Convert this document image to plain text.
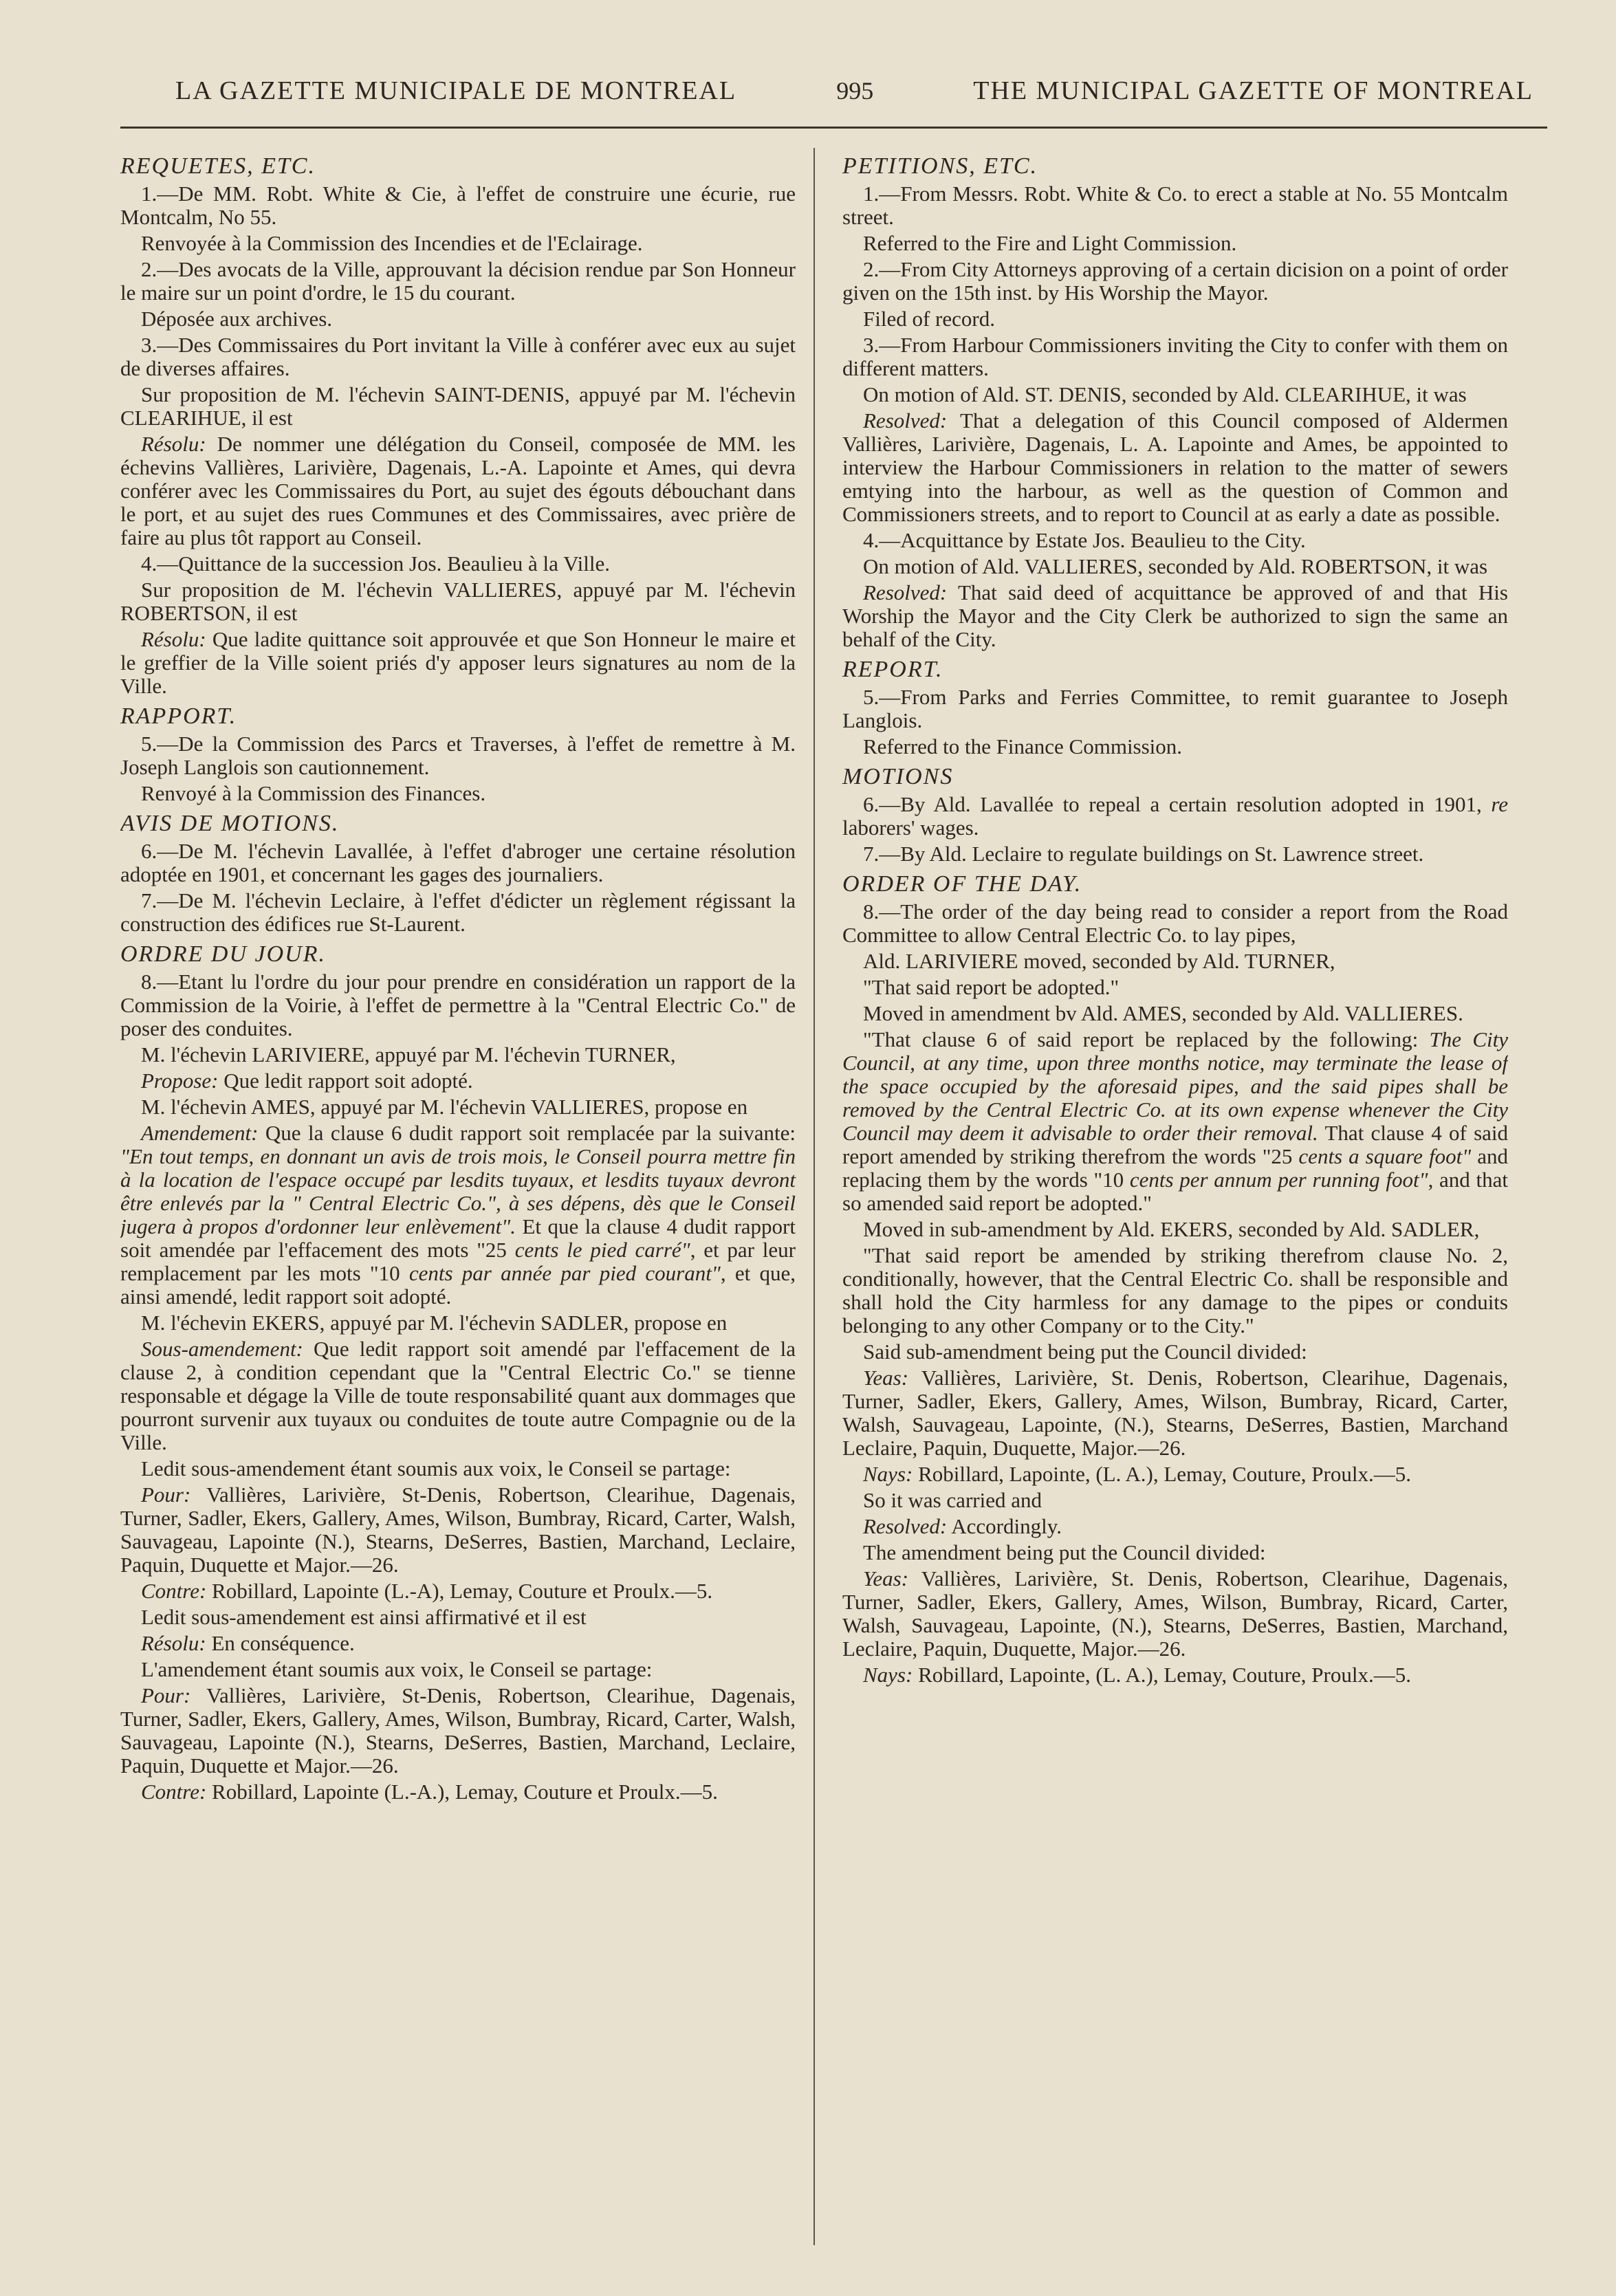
LA GAZETTE MUNICIPALE DE MONTREAL	995	THE MUNICIPAL GAZETTE OF MONTREAL
REQUETES, ETC.

1.—De MM. Robt. White & Cie, à l'effet de construire une écurie, rue Montcalm, No 55.

Renvoyée à la Commission des Incendies et de l'Eclairage.

2.—Des avocats de la Ville, approuvant la décision rendue par Son Honneur le maire sur un point d'ordre, le 15 du courant.

Déposée aux archives.

3.—Des Commissaires du Port invitant la Ville à conférer avec eux au sujet de diverses affaires.

Sur proposition de M. l'échevin SAINT-DENIS, appuyé par M. l'échevin CLEARIHUE, il est

Résolu: De nommer une délégation du Conseil, composée de MM. les échevins Vallières, Larivière, Dagenais, L.-A. Lapointe et Ames, qui devra conférer avec les Commissaires du Port, au sujet des égouts débouchant dans le port, et au sujet des rues Communes et des Commissaires, avec prière de faire au plus tôt rapport au Conseil.

4.—Quittance de la succession Jos. Beaulieu à la Ville.

Sur proposition de M. l'échevin VALLIERES, appuyé par M. l'échevin ROBERTSON, il est

Résolu: Que ladite quittance soit approuvée et que Son Honneur le maire et le greffier de la Ville soient priés d'y apposer leurs signatures au nom de la Ville.

RAPPORT.

5.—De la Commission des Parcs et Traverses, à l'effet de remettre à M. Joseph Langlois son cautionnement.

Renvoyé à la Commission des Finances.

AVIS DE MOTIONS.

6.—De M. l'échevin Lavallée, à l'effet d'abroger une certaine résolution adoptée en 1901, et concernant les gages des journaliers.

7.—De M. l'échevin Leclaire, à l'effet d'édicter un règlement régissant la construction des édifices rue St-Laurent.

ORDRE DU JOUR.

8.—Etant lu l'ordre du jour pour prendre en considération un rapport de la Commission de la Voirie, à l'effet de permettre à la "Central Electric Co." de poser des conduites.

M. l'échevin LARIVIERE, appuyé par M. l'échevin TURNER,

Propose: Que ledit rapport soit adopté.

M. l'échevin AMES, appuyé par M. l'échevin VALLIERES, propose en

Amendement: Que la clause 6 dudit rapport soit remplacée par la suivante: "En tout temps, en donnant un avis de trois mois, le Conseil pourra mettre fin à la location de l'espace occupé par lesdits tuyaux, et lesdits tuyaux devront être enlevés par la " Central Electric Co.", à ses dépens, dès que le Conseil jugera à propos d'ordonner leur enlèvement". Et que la clause 4 dudit rapport soit amendée par l'effacement des mots "25 cents le pied carré", et par leur remplacement par les mots "10 cents par année par pied courant", et que, ainsi amendé, ledit rapport soit adopté.

M. l'échevin EKERS, appuyé par M. l'échevin SADLER, propose en

Sous-amendement: Que ledit rapport soit amendé par l'effacement de la clause 2, à condition cependant que la "Central Electric Co." se tienne responsable et dégage la Ville de toute responsabilité quant aux dommages que pourront survenir aux tuyaux ou conduites de toute autre Compagnie ou de la Ville.

Ledit sous-amendement étant soumis aux voix, le Conseil se partage:

Pour: Vallières, Larivière, St-Denis, Robertson, Clearihue, Dagenais, Turner, Sadler, Ekers, Gallery, Ames, Wilson, Bumbray, Ricard, Carter, Walsh, Sauvageau, Lapointe (N.), Stearns, DeSerres, Bastien, Marchand, Leclaire, Paquin, Duquette et Major.—26.

Contre: Robillard, Lapointe (L.-A), Lemay, Couture et Proulx.—5.

Ledit sous-amendement est ainsi affirmativé et il est

Résolu: En conséquence.

L'amendement étant soumis aux voix, le Conseil se partage:

Pour: Vallières, Larivière, St-Denis, Robertson, Clearihue, Dagenais, Turner, Sadler, Ekers, Gallery, Ames, Wilson, Bumbray, Ricard, Carter, Walsh, Sauvageau, Lapointe (N.), Stearns, DeSerres, Bastien, Marchand, Leclaire, Paquin, Duquette et Major.—26.

Contre: Robillard, Lapointe (L.-A.), Lemay, Couture et Proulx.—5.

PETITIONS, ETC.

1.—From Messrs. Robt. White & Co. to erect a stable at No. 55 Montcalm street.

Referred to the Fire and Light Commission.

2.—From City Attorneys approving of a certain dicision on a point of order given on the 15th inst. by His Worship the Mayor.

Filed of record.

3.—From Harbour Commissioners inviting the City to confer with them on different matters.

On motion of Ald. ST. DENIS, seconded by Ald. CLEARIHUE, it was

Resolved: That a delegation of this Council composed of Aldermen Vallières, Larivière, Dagenais, L. A. Lapointe and Ames, be appointed to interview the Harbour Commissioners in relation to the matter of sewers emtying into the harbour, as well as the question of Common and Commissioners streets, and to report to Council at as early a date as possible.

4.—Acquittance by Estate Jos. Beaulieu to the City.

On motion of Ald. VALLIERES, seconded by Ald. ROBERTSON, it was

Resolved: That said deed of acquittance be approved of and that His Worship the Mayor and the City Clerk be authorized to sign the same an behalf of the City.

REPORT.

5.—From Parks and Ferries Committee, to remit guarantee to Joseph Langlois.

Referred to the Finance Commission.

MOTIONS

6.—By Ald. Lavallée to repeal a certain resolution adopted in 1901, re laborers' wages.

7.—By Ald. Leclaire to regulate buildings on St. Lawrence street.

ORDER OF THE DAY.

8.—The order of the day being read to consider a report from the Road Committee to allow Central Electric Co. to lay pipes,

Ald. LARIVIERE moved, seconded by Ald. TURNER,

"That said report be adopted."

Moved in amendment bv Ald. AMES, seconded by Ald. VALLIERES.

"That clause 6 of said report be replaced by the following: The City Council, at any time, upon three months notice, may terminate the lease of the space occupied by the aforesaid pipes, and the said pipes shall be removed by the Central Electric Co. at its own expense whenever the City Council may deem it advisable to order their removal. That clause 4 of said report amended by striking therefrom the words "25 cents a square foot" and replacing them by the words "10 cents per annum per running foot", and that so amended said report be adopted."

Moved in sub-amendment by Ald. EKERS, seconded by Ald. SADLER,

"That said report be amended by striking therefrom clause No. 2, conditionally, however, that the Central Electric Co. shall be responsible and shall hold the City harmless for any damage to the pipes or conduits belonging to any other Company or to the City."

Said sub-amendment being put the Council divided:

Yeas: Vallières, Larivière, St. Denis, Robertson, Clearihue, Dagenais, Turner, Sadler, Ekers, Gallery, Ames, Wilson, Bumbray, Ricard, Carter, Walsh, Sauvageau, Lapointe, (N.), Stearns, DeSerres, Bastien, Marchand Leclaire, Paquin, Duquette, Major.—26.

Nays: Robillard, Lapointe, (L. A.), Lemay, Couture, Proulx.—5.

So it was carried and

Resolved: Accordingly.

The amendment being put the Council divided:

Yeas: Vallières, Larivière, St. Denis, Robertson, Clearihue, Dagenais, Turner, Sadler, Ekers, Gallery, Ames, Wilson, Bumbray, Ricard, Carter, Walsh, Sauvageau, Lapointe, (N.), Stearns, DeSerres, Bastien, Marchand, Leclaire, Paquin, Duquette, Major.—26.

Nays: Robillard, Lapointe, (L. A.), Lemay, Couture, Proulx.—5.
